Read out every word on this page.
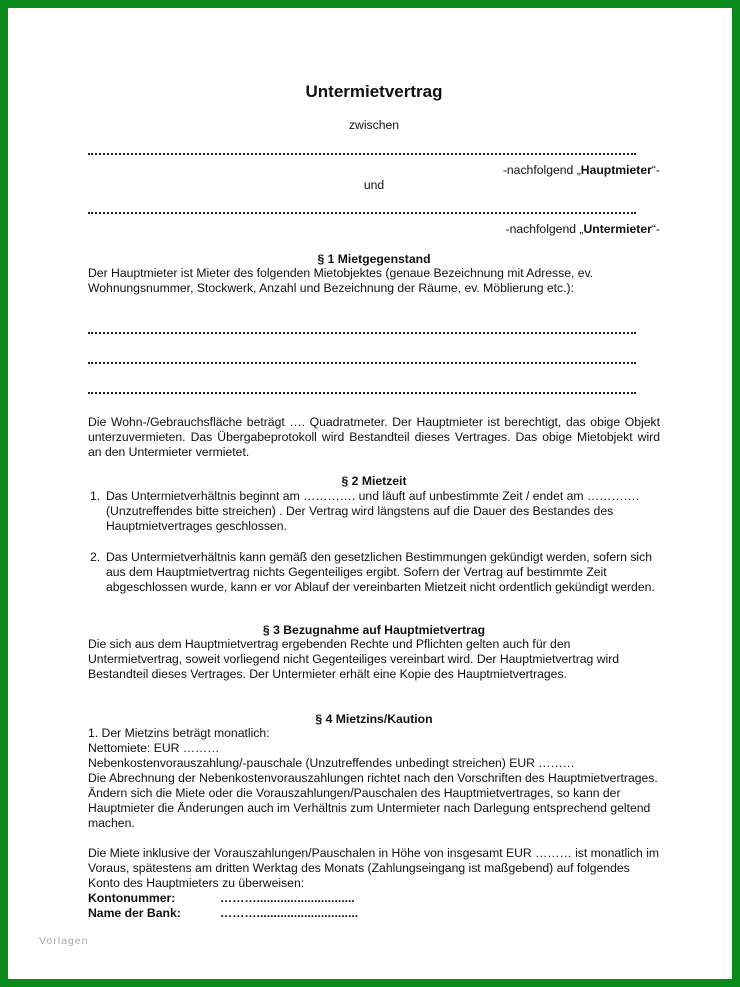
Untermietvertrag
zwischen
-nachfolgend „Hauptmieter“-
und
-nachfolgend „Untermieter“-
§ 1 Mietgegenstand
Der Hauptmieter ist Mieter des folgenden Mietobjektes (genaue Bezeichnung mit Adresse, ev. Wohnungsnummer, Stockwerk, Anzahl und Bezeichnung der Räume, ev. Möblierung etc.):
Die Wohn-/Gebrauchsfläche beträgt …. Quadratmeter. Der Hauptmieter ist berechtigt, das obige Objekt unterzuvermieten. Das Übergabeprotokoll wird Bestandteil dieses Vertrages. Das obige Mietobjekt wird an den Untermieter vermietet.
§ 2 Mietzeit
1. Das Untermietverhältnis beginnt am …………. und läuft auf unbestimmte Zeit / endet am …………. (Unzutreffendes bitte streichen) . Der Vertrag wird längstens auf die Dauer des Bestandes des Hauptmietvertrages geschlossen.
2. Das Untermietverhältnis kann gemäß den gesetzlichen Bestimmungen gekündigt werden, sofern sich aus dem Hauptmietvertrag nichts Gegenteiliges ergibt. Sofern der Vertrag auf bestimmte Zeit abgeschlossen wurde, kann er vor Ablauf der vereinbarten Mietzeit nicht ordentlich gekündigt werden.
§ 3 Bezugnahme auf Hauptmietvertrag
Die sich aus dem Hauptmietvertrag ergebenden Rechte und Pflichten gelten auch für den Untermietvertrag, soweit vorliegend nicht Gegenteiliges vereinbart wird. Der Hauptmietvertrag wird Bestandteil dieses Vertrages. Der Untermieter erhält eine Kopie des Hauptmietvertrages.
§ 4 Mietzins/Kaution
1. Der Mietzins beträgt monatlich:
Nettomiete: EUR ………
Nebenkostenvorauszahlung/-pauschale (Unzutreffendes unbedingt streichen) EUR ………
Die Abrechnung der Nebenkostenvorauszahlungen richtet nach den Vorschriften des Hauptmietvertrages. Ändern sich die Miete oder die Vorauszahlungen/Pauschalen des Hauptmietvertrages, so kann der Hauptmieter die Änderungen auch im Verhältnis zum Untermieter nach Darlegung entsprechend geltend machen.
Die Miete inklusive der Vorauszahlungen/Pauschalen in Höhe von insgesamt EUR ……… ist monatlich im Voraus, spätestens am dritten Werktag des Monats (Zahlungseingang ist maßgebend) auf folgendes Konto des Hauptmieters zu überweisen:
Kontonummer:	……….............................
Name der Bank:	………..............................
Vorlagen
